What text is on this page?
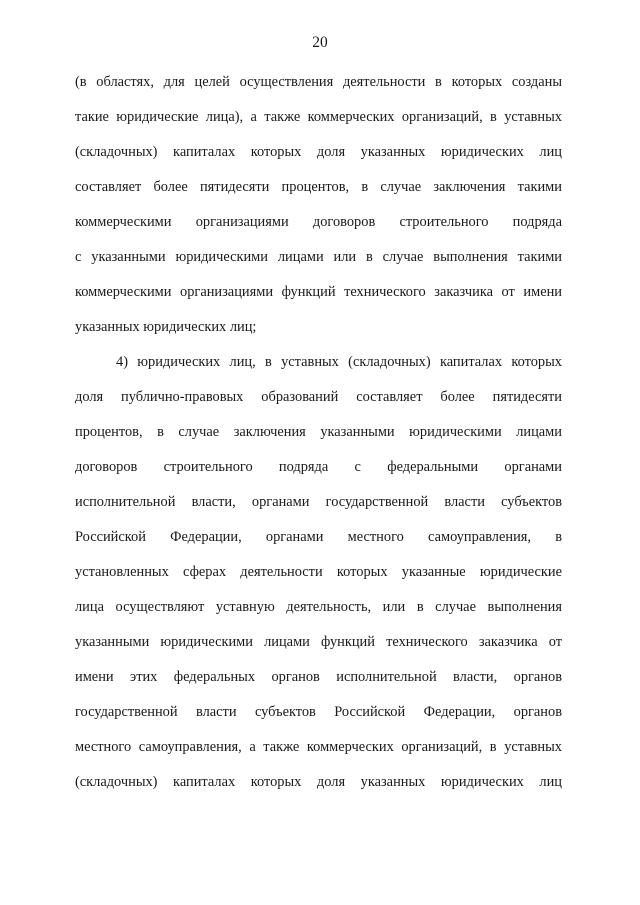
20
(в областях, для целей осуществления деятельности в которых созданы
такие юридические лица), а также коммерческих организаций, в уставных
(складочных) капиталах которых доля указанных юридических лиц
составляет более пятидесяти процентов, в случае заключения такими
коммерческими организациями договоров строительного подряда
с указанными юридическими лицами или в случае выполнения такими
коммерческими организациями функций технического заказчика от имени
указанных юридических лиц;
4) юридических лиц, в уставных (складочных) капиталах которых
доля публично-правовых образований составляет более пятидесяти
процентов, в случае заключения указанными юридическими лицами
договоров строительного подряда с федеральными органами
исполнительной власти, органами государственной власти субъектов
Российской Федерации, органами местного самоуправления, в
установленных сферах деятельности которых указанные юридические
лица осуществляют уставную деятельность, или в случае выполнения
указанными юридическими лицами функций технического заказчика от
имени этих федеральных органов исполнительной власти, органов
государственной власти субъектов Российской Федерации, органов
местного самоуправления, а также коммерческих организаций, в уставных
(складочных) капиталах которых доля указанных юридических лиц
